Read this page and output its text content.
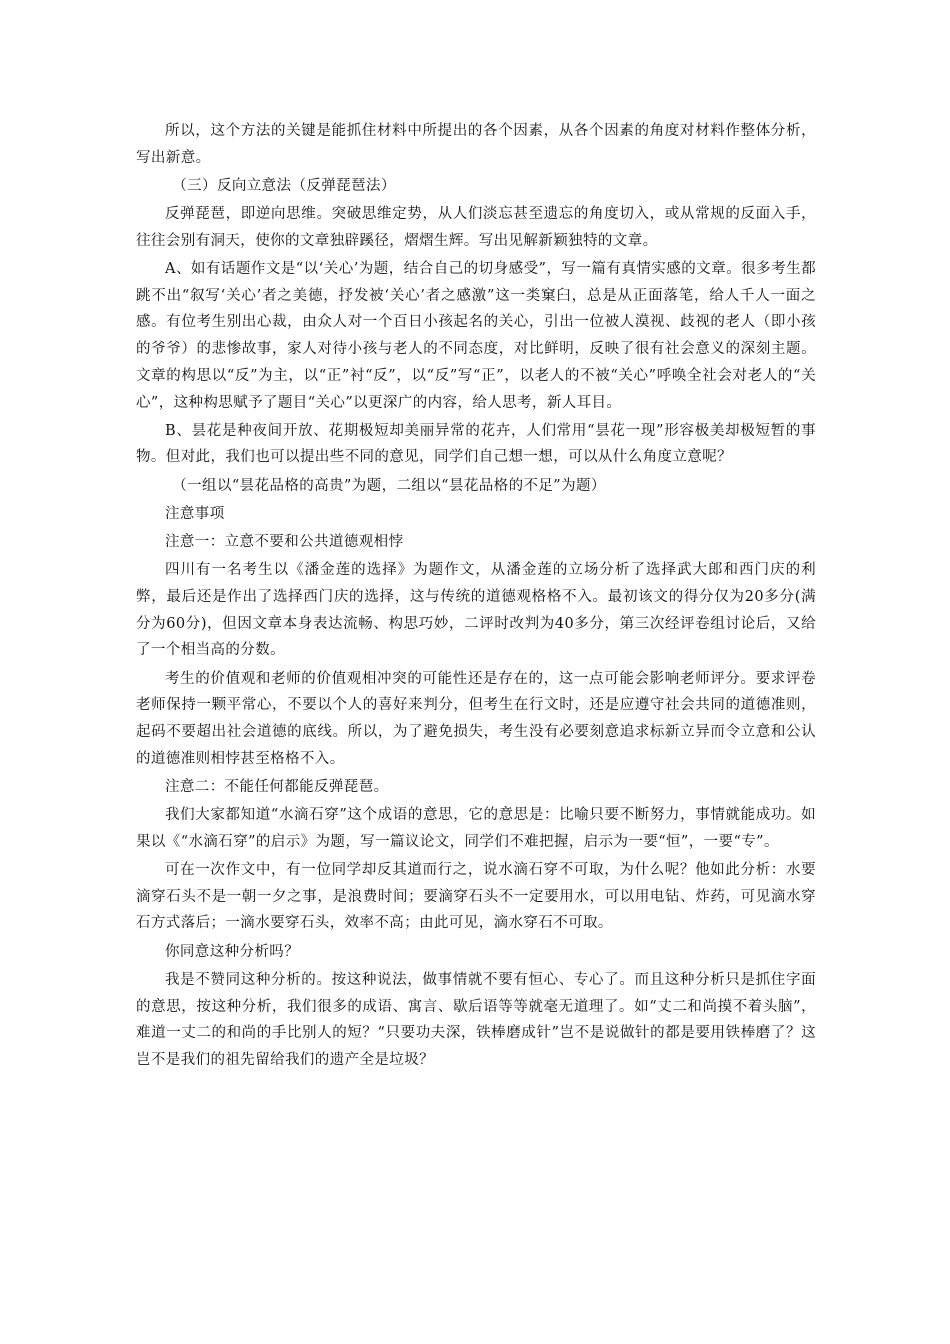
所以，这个方法的关键是能抓住材料中所提出的各个因素，从各个因素的角度对材料作整体分析，写出新意。

（三）反向立意法（反弹琵琶法）

反弹琵琶，即逆向思维。突破思维定势，从人们淡忘甚至遗忘的角度切入，或从常规的反面入手，往往会别有洞天，使你的文章独辟蹊径，熠熠生辉。写出见解新颖独特的文章。

A、如有话题作文是“以‘关心’为题，结合自己的切身感受”，写一篇有真情实感的文章。很多考生都跳不出“叙写‘关心’者之美德，抒发被‘关心’者之感激”这一类窠臼，总是从正面落笔，给人千人一面之感。有位考生别出心裁，由众人对一个百日小孩起名的关心，引出一位被人漠视、歧视的老人（即小孩的爷爷）的悲惨故事，家人对待小孩与老人的不同态度，对比鲜明，反映了很有社会意义的深刻主题。文章的构思以“反”为主，以“正”衬“反”，以“反”写“正”，以老人的不被“关心”呼唤全社会对老人的“关心”，这种构思赋予了题目“关心”以更深广的内容，给人思考，新人耳目。

B、昙花是种夜间开放、花期极短却美丽异常的花卉，人们常用“昙花一现”形容极美却极短暂的事物。但对此，我们也可以提出些不同的意见，同学们自己想一想，可以从什么角度立意呢？

（一组以“昙花品格的高贵”为题，二组以“昙花品格的不足”为题）

注意事项

注意一：立意不要和公共道德观相悖

四川有一名考生以《潘金莲的选择》为题作文，从潘金莲的立场分析了选择武大郎和西门庆的利弊，最后还是作出了选择西门庆的选择，这与传统的道德观格格不入。最初该文的得分仅为20多分(满分为60分)，但因文章本身表达流畅、构思巧妙，二评时改判为40多分，第三次经评卷组讨论后，又给了一个相当高的分数。

考生的价值观和老师的价值观相冲突的可能性还是存在的，这一点可能会影响老师评分。要求评卷老师保持一颗平常心，不要以个人的喜好来判分，但考生在行文时，还是应遵守社会共同的道德准则，起码不要超出社会道德的底线。所以，为了避免损失，考生没有必要刻意追求标新立异而令立意和公认的道德准则相悖甚至格格不入。

注意二：不能任何都能反弹琵琶。

我们大家都知道“水滴石穿”这个成语的意思，它的意思是：比喻只要不断努力，事情就能成功。如果以《“水滴石穿”的启示》为题，写一篇议论文，同学们不难把握，启示为一要“恒”，一要“专”。

可在一次作文中，有一位同学却反其道而行之，说水滴石穿不可取，为什么呢？他如此分析：水要滴穿石头不是一朝一夕之事，是浪费时间；要滴穿石头不一定要用水，可以用电钻、炸药，可见滴水穿石方式落后；一滴水要穿石头，效率不高；由此可见，滴水穿石不可取。

你同意这种分析吗？

我是不赞同这种分析的。按这种说法，做事情就不要有恒心、专心了。而且这种分析只是抓住字面的意思，按这种分析，我们很多的成语、寓言、歇后语等等就毫无道理了。如“丈二和尚摸不着头脑”，难道一丈二的和尚的手比别人的短？“只要功夫深，铁棒磨成针”岂不是说做针的都是要用铁棒磨了？这岂不是我们的祖先留给我们的遗产全是垃圾？
